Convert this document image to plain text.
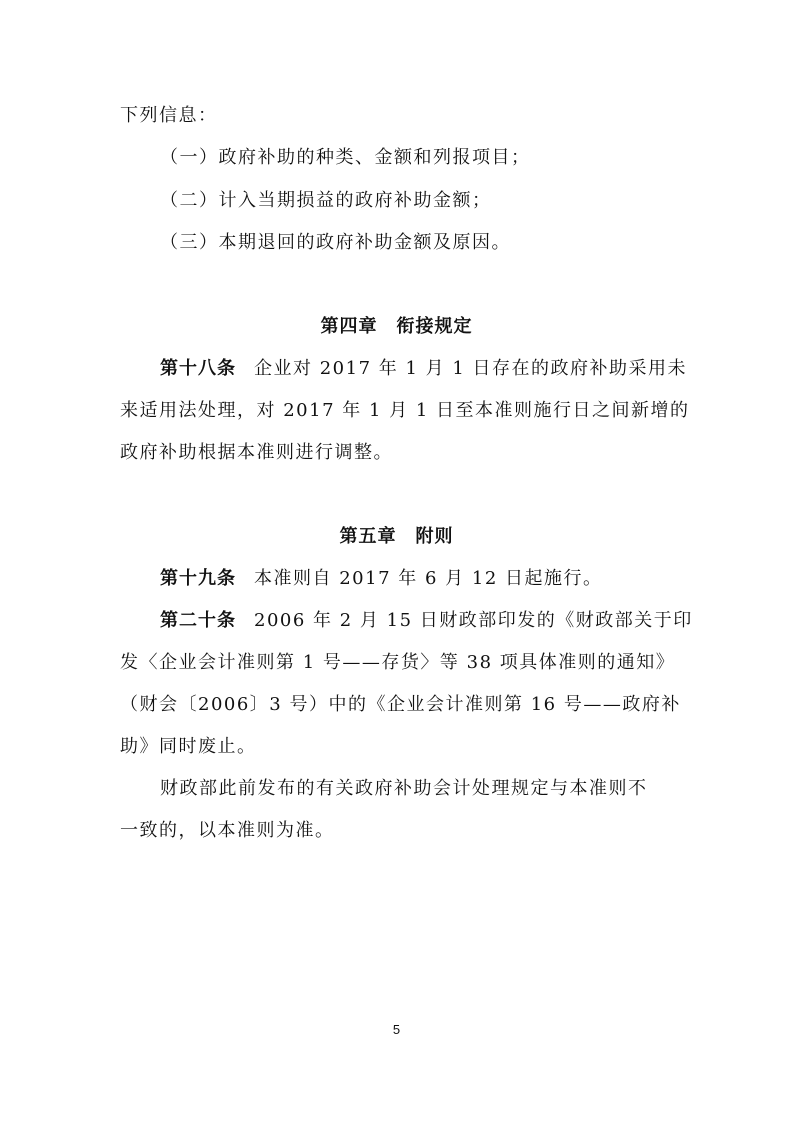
下列信息：
（一）政府补助的种类、金额和列报项目；
（二）计入当期损益的政府补助金额；
（三）本期退回的政府补助金额及原因。
第四章　衔接规定
第十八条 企业对 2017 年 1 月 1 日存在的政府补助采用未
来适用法处理，对 2017 年 1 月 1 日至本准则施行日之间新增的
政府补助根据本准则进行调整。
第五章　附则
第十九条 本准则自 2017 年 6 月 12 日起施行。
第二十条 2006 年 2 月 15 日财政部印发的《财政部关于印
发〈企业会计准则第 1 号——存货〉等 38 项具体准则的通知》
（财会〔2006〕3 号）中的《企业会计准则第 16 号——政府补
助》同时废止。
财政部此前发布的有关政府补助会计处理规定与本准则不
一致的，以本准则为准。
5
